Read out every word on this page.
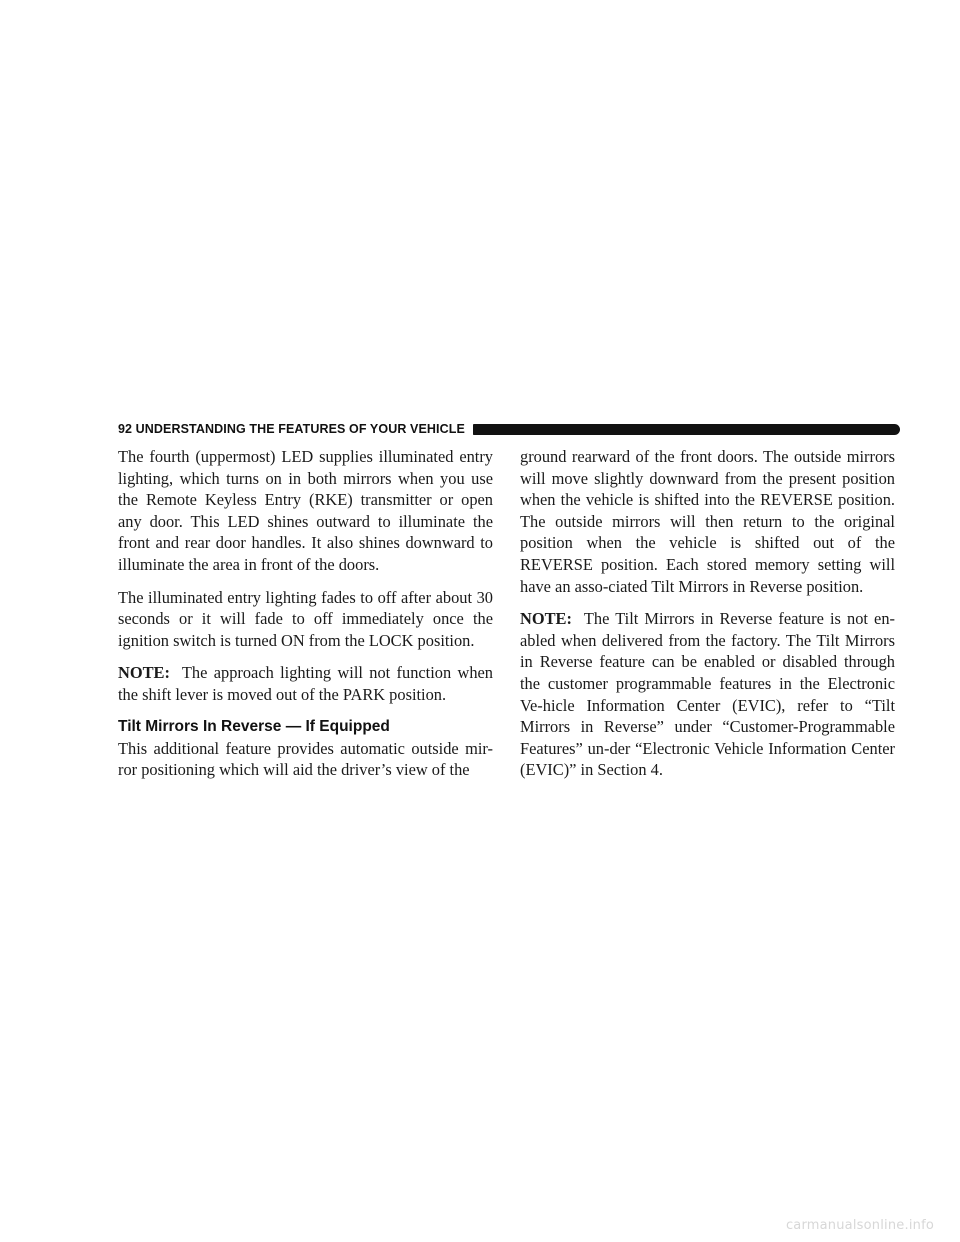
92 UNDERSTANDING THE FEATURES OF YOUR VEHICLE

The fourth (uppermost) LED supplies illuminated entry lighting, which turns on in both mirrors when you use the Remote Keyless Entry (RKE) transmitter or open any door. This LED shines outward to illuminate the front and rear door handles. It also shines downward to illuminate the area in front of the doors.

The illuminated entry lighting fades to off after about 30 seconds or it will fade to off immediately once the ignition switch is turned ON from the LOCK position.

NOTE: The approach lighting will not function when the shift lever is moved out of the PARK position.

Tilt Mirrors In Reverse — If Equipped

This additional feature provides automatic outside mir-ror positioning which will aid the driver’s view of the

ground rearward of the front doors. The outside mirrors will move slightly downward from the present position when the vehicle is shifted into the REVERSE position. The outside mirrors will then return to the original position when the vehicle is shifted out of the REVERSE position. Each stored memory setting will have an asso-ciated Tilt Mirrors in Reverse position.

NOTE: The Tilt Mirrors in Reverse feature is not en-abled when delivered from the factory. The Tilt Mirrors in Reverse feature can be enabled or disabled through the customer programmable features in the Electronic Ve-hicle Information Center (EVIC), refer to “Tilt Mirrors in Reverse” under “Customer-Programmable Features” un-der “Electronic Vehicle Information Center (EVIC)” in Section 4.

carmanualsonline.info
